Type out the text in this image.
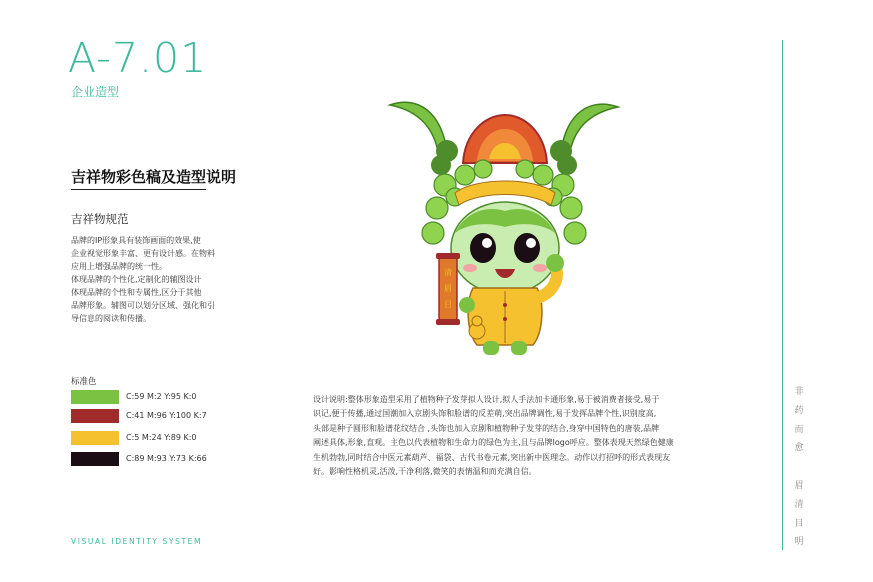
A-7.01
企业造型
吉祥物彩色稿及造型说明
吉祥物规范
品牌的IP形象具有装饰画面的效果,使
企业视觉形象丰富、更有设计感。在物料
应用上增强品牌的统一性。
体现品牌的个性化,定制化的辅图设计
体现品牌的个性和专属性,区分于其他
品牌形象。辅图可以划分区域、强化和引
导信息的阅读和传播。
标准色
C:59 M:2 Y:95 K:0
C:41 M:96 Y:100 K:7
C:5 M:24 Y:89 K:0
C:89 M:93 Y:73 K:66
清
眉
目
设计说明:整体形象造型采用了植物种子发芽拟人设计,拟人手法加卡通形象,易于被消费者接受,易于
识记,便于传播,通过国潮加入京剧头饰和脸谱的反差萌,突出品牌调性,易于发挥品牌个性,识别度高,
头部是种子圆形和脸谱花纹结合 ,头饰也加入京剧和植物种子发芽的结合,身穿中国特色的唐装,品牌
阐述具体,形象,直观。主色以代表植物和生命力的绿色为主,且与品牌logo呼应。整体表现天然绿色健康
生机勃勃,同时结合中医元素葫芦、福袋、古代书卷元素,突出新中医理念。动作以打招呼的形式表现友
好。影响性格机灵,活泼,干净利落,微笑的表情温和而充满自信。
VISUAL IDENTITY SYSTEM
非
药
而
愈
眉
清
目
明
